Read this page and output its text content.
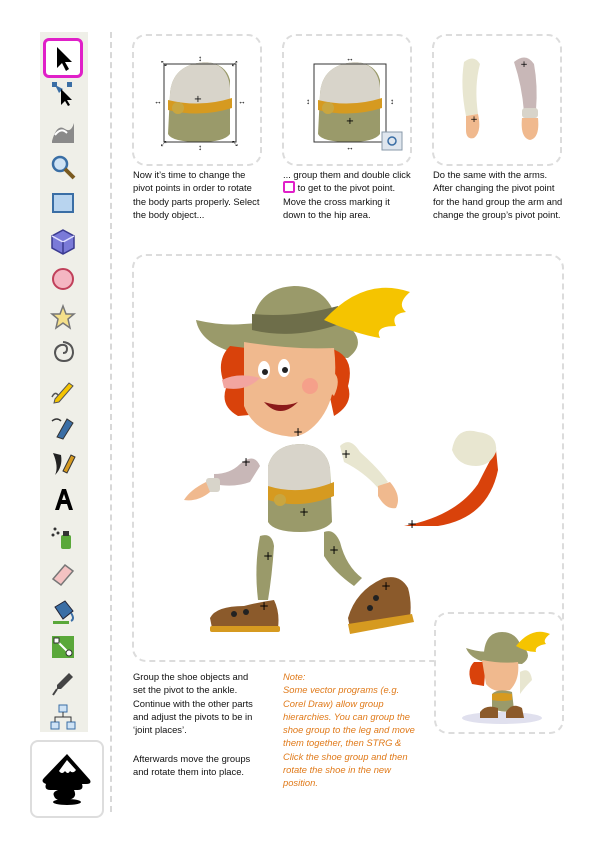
+
↕
↕
↔	↔
⤡	⤢
⤢	⤡
+
↔
↔
↕	↕
+
+
Now it’s time to change the pivot points in order to rotate the body parts properly. Select the body object...
... group them and double click  to get to the pivot point. Move the cross marking it down to the hip area.
Do the same with the arms. After changing the pivot point for the hand group the arm and change the group’s pivot point.
+
+
+
+
+
+	+
+
+
Group the shoe objects and set the pivot to the ankle. Continue with the other parts and adjust the pivots to be in ‘joint places’.
Afterwards move the groups and rotate them into place.
Note:
Some vector programs (e.g. Corel Draw) allow group hierarchies. You can group the shoe group to the leg and move them together, then STRG & Click the shoe group and then rotate the shoe in the new position.
